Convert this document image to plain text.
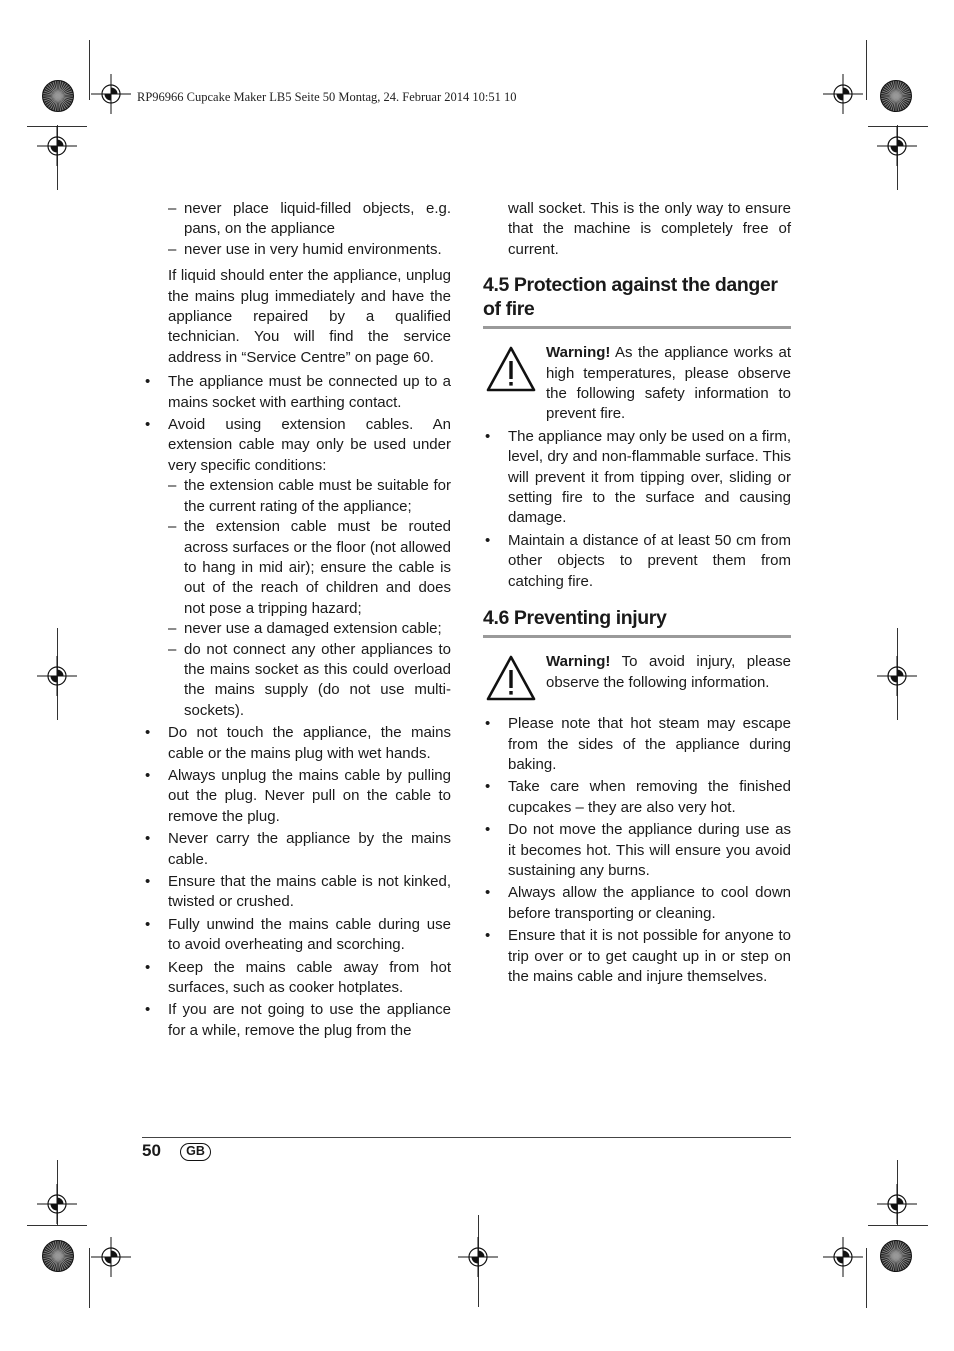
RP96966 Cupcake Maker LB5 Seite 50 Montag, 24. Februar 2014 10:51 10
– never place liquid-filled objects, e.g. pans, on the appliance
– never use in very humid environments.

If liquid should enter the appliance, unplug the mains plug immediately and have the appliance repaired by a qualified technician. You will find the service address in “Service Centre” on page 60.

• The appliance must be connected up to a mains socket with earthing contact.
• Avoid using extension cables. An extension cable may only be used under very specific conditions:
– the extension cable must be suitable for the current rating of the appliance;
– the extension cable must be routed across surfaces or the floor (not allowed to hang in mid air); ensure the cable is out of the reach of children and does not pose a tripping hazard;
– never use a damaged extension cable;
– do not connect any other appliances to the mains socket as this could overload the mains supply (do not use multi-sockets).
• Do not touch the appliance, the mains cable or the mains plug with wet hands.
• Always unplug the mains cable by pulling out the plug. Never pull on the cable to remove the plug.
• Never carry the appliance by the mains cable.
• Ensure that the mains cable is not kinked, twisted or crushed.
• Fully unwind the mains cable during use to avoid overheating and scorching.
• Keep the mains cable away from hot surfaces, such as cooker hotplates.
• If you are not going to use the appliance for a while, remove the plug from the

wall socket. This is the only way to ensure that the machine is completely free of current.

4.5 Protection against the danger of fire
Warning! As the appliance works at high temperatures, please observe the following safety information to prevent fire.
• The appliance may only be used on a firm, level, dry and non-flammable surface. This will prevent it from tipping over, sliding or setting fire to the surface and causing damage.
• Maintain a distance of at least 50 cm from other objects to prevent them from catching fire.
4.6 Preventing injury
Warning! To avoid injury, please observe the following information.
• Please note that hot steam may escape from the sides of the appliance during baking.
• Take care when removing the finished cupcakes – they are also very hot.
• Do not move the appliance during use as it becomes hot. This will ensure you avoid sustaining any burns.
• Always allow the appliance to cool down before transporting or cleaning.
• Ensure that it is not possible for anyone to trip over or to get caught up in or step on the mains cable and injure themselves.
50	GB
